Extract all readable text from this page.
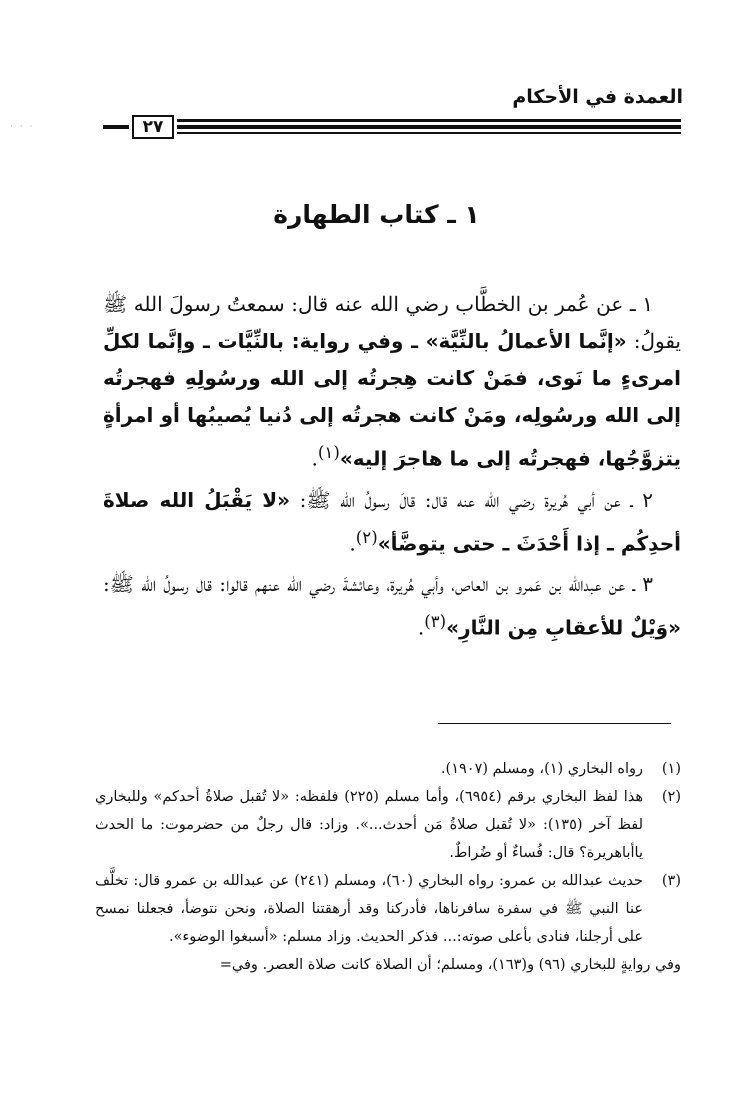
العمدة في الأحكام
٢٧
· · ·
١ ـ كتاب الطهارة

١ ـ عن عُمر بن الخطَّاب رضي الله عنه قال: سمعتُ رسولَ الله ﷺ يقولُ: «إنَّما الأعمالُ بالنِّيَّة» ـ وفي رواية: بالنِّيَّات ـ وإنَّما لكلِّ امرىءٍ ما نَوى، فمَنْ كانت هِجرتُه إلى الله ورسُولِهِ فهجرتُه إلى الله ورسُولِه، ومَنْ كانت هجرتُه إلى دُنيا يُصيبُها أو امرأةٍ يتزوَّجُها، فهجرتُه إلى ما هاجرَ إليه»$^{(١)}$.

٢ ـ عن أبي هُريرة رضي الله عنه قال: قالَ رسولُ الله ﷺ: «لا يَقْبَلُ الله صلاةَ أحدِكُم ـ إذا أَحْدَثَ ـ حتى يتوضَّأ»$^{(٢)}$.

٣ ـ عن عبدالله بن عَمرو بن العاص، وأبي هُريرة، وعائشةَ رضي الله عنهم قالوا: قال رسولُ الله ﷺ: «وَيْلٌ للأعقابِ مِن النَّارِ»$^{(٣)}$.

(١)
رواه البخاري (١)، ومسلم (١٩٠٧).
(٢)
هذا لفظ البخاري برقم (٦٩٥٤)، وأما مسلم (٢٢٥) فلفظه: «لا تُقبل صلاةُ أحدكم» وللبخاري لفظ آخر (١٣٥): «لا تُقبل صلاةُ مَن أحدث...». وزاد: قال رجلٌ من حضرموت: ما الحدث ياأباهريرة؟ قال: فُساءٌ أو ضُراطٌ.
(٣)
حديث عبدالله بن عمرو: رواه البخاري (٦٠)، ومسلم (٢٤١) عن عبدالله بن عمرو قال: تخلَّف عنا النبي ﷺ في سفرة سافرناها، فأدركنا وقد أرهقتنا الصلاة، ونحن نتوضأ، فجعلنا نمسح على أرجلنا، فنادى بأعلى صوته:... فذكر الحديث. وزاد مسلم: «أسبغوا الوضوء».
وفي روايةٍ للبخاري (٩٦) و(١٦٣)، ومسلم؛ أن الصلاة كانت صلاة العصر. وفي=
